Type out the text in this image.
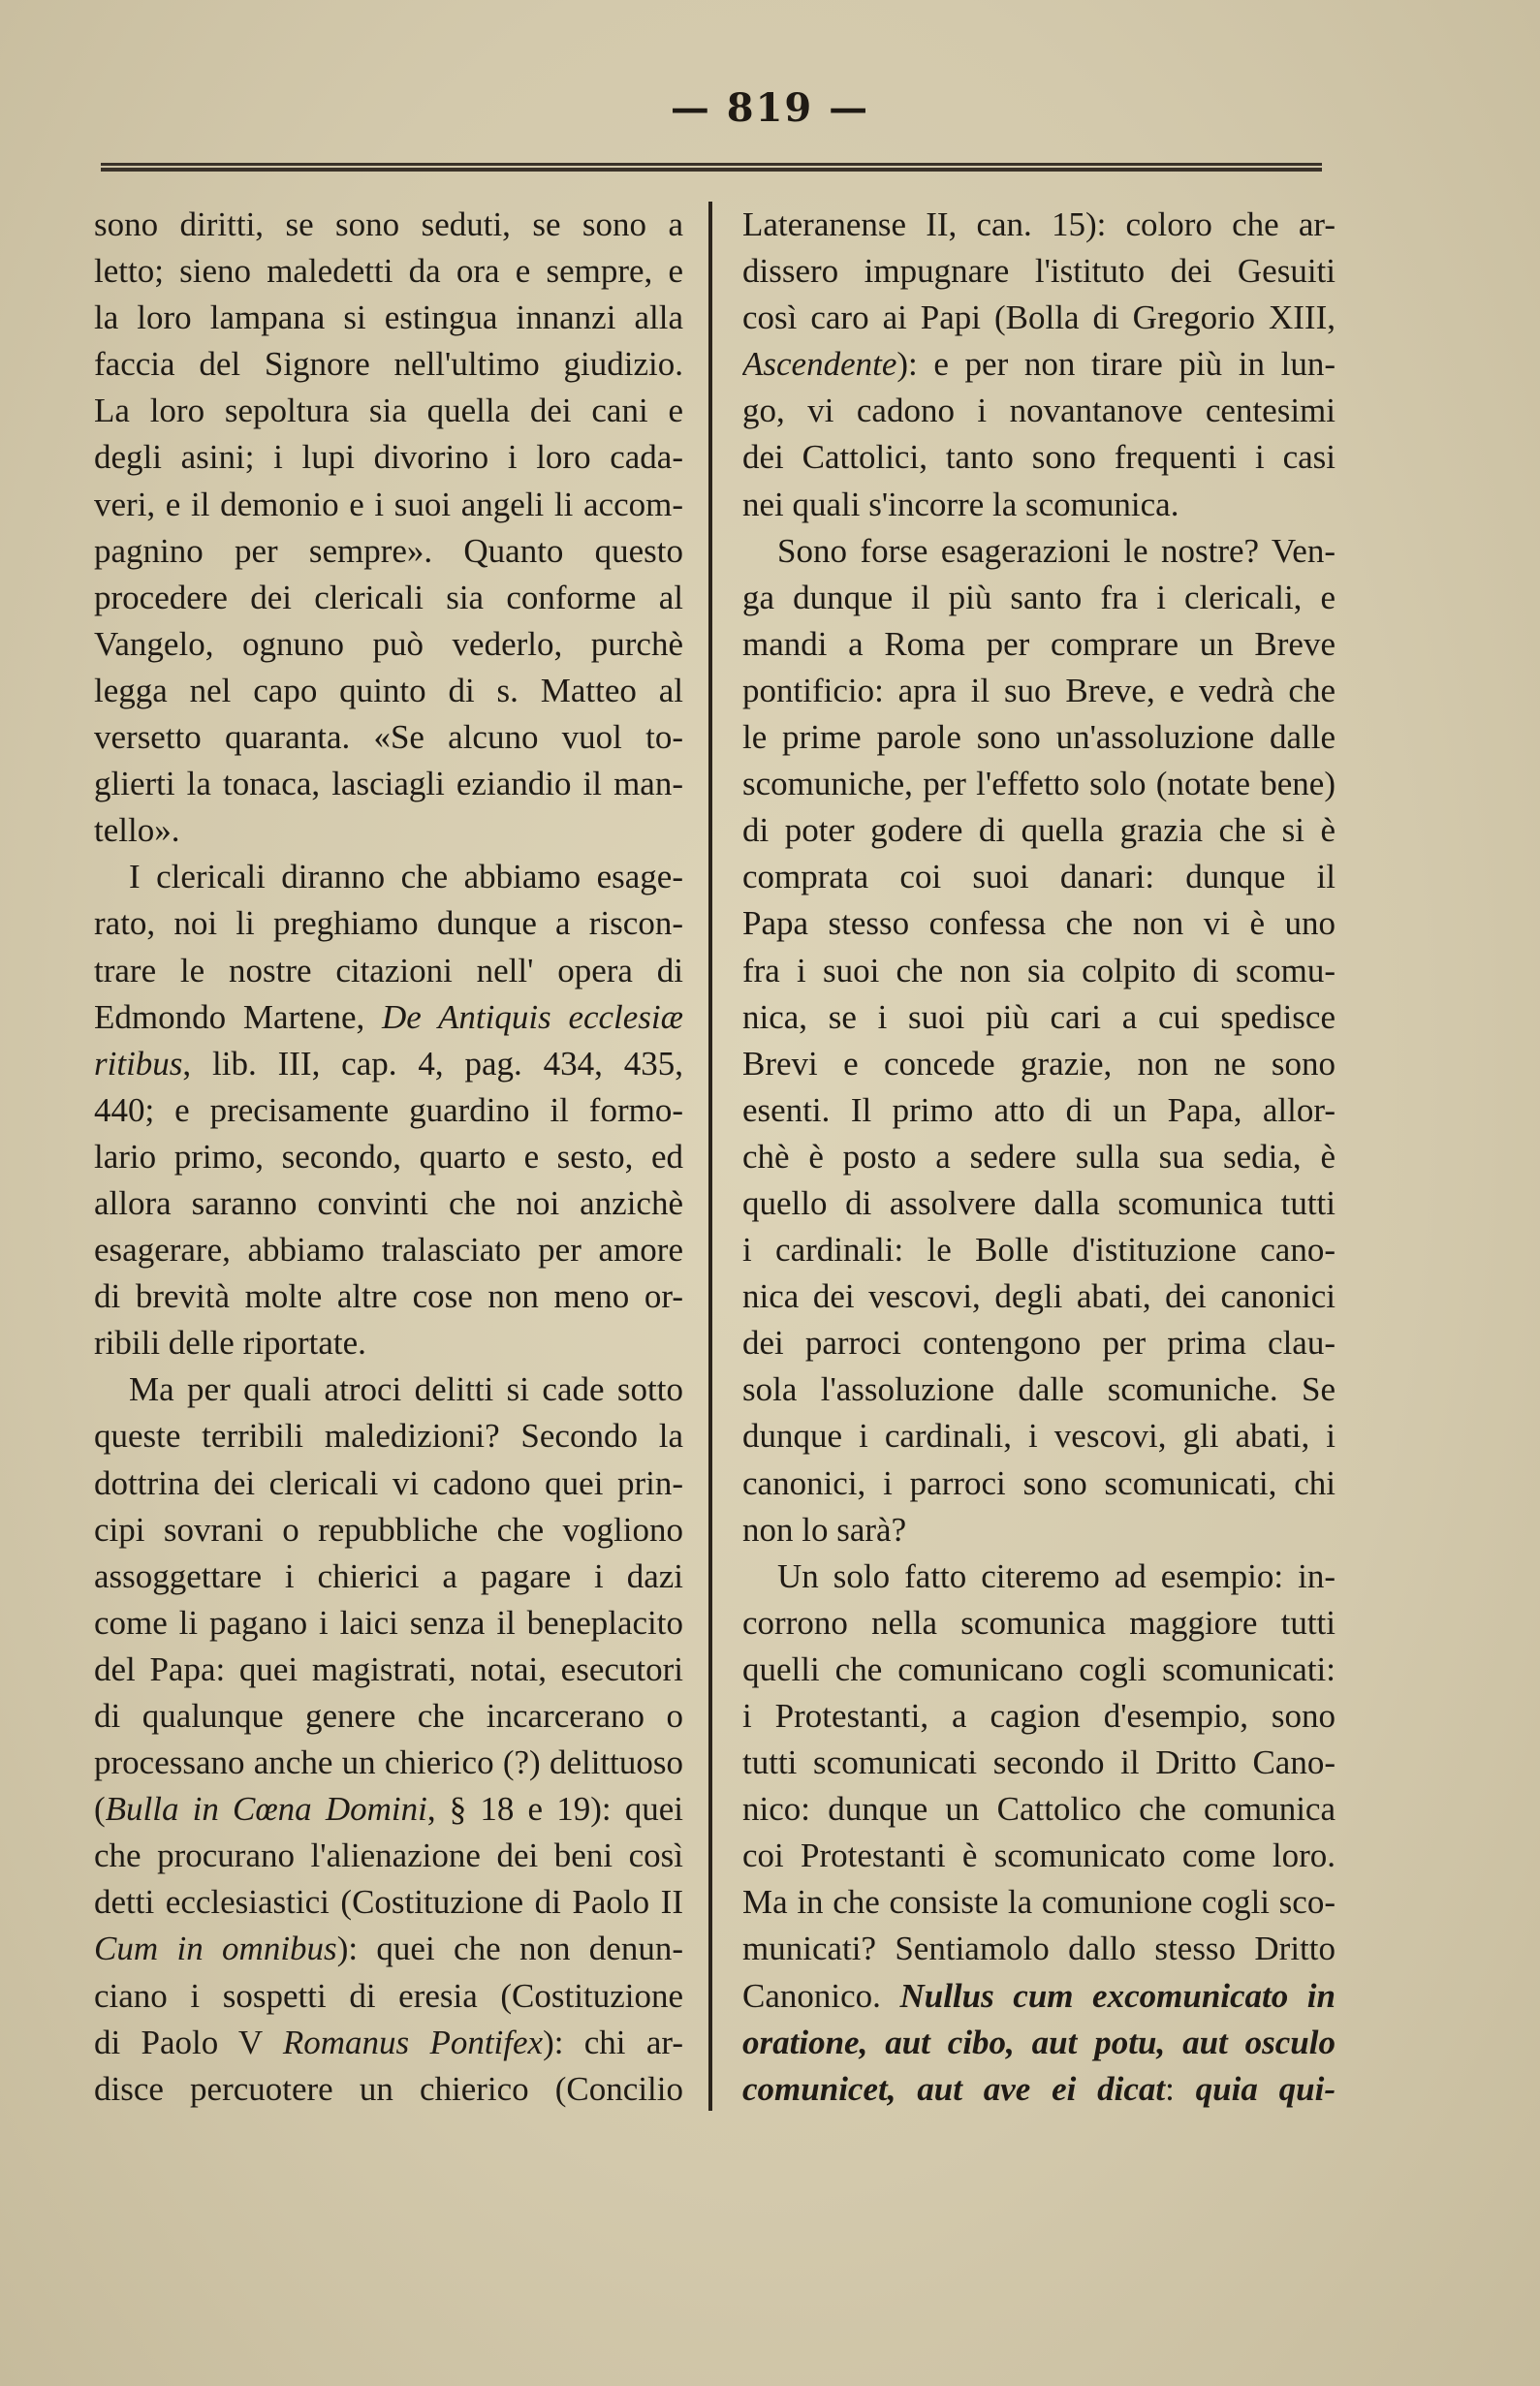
— 819 —
sono diritti, se sono seduti, se sono a
letto; sieno maledetti da ora e sempre, e
la loro lampana si estingua innanzi alla
faccia del Signore nell'ultimo giudizio.
La loro sepoltura sia quella dei cani e
degli asini; i lupi divorino i loro cada-
veri, e il demonio e i suoi angeli li accom-
pagnino per sempre». Quanto questo
procedere dei clericali sia conforme al
Vangelo, ognuno può vederlo, purchè
legga nel capo quinto di s. Matteo al
versetto quaranta. «Se alcuno vuol to-
glierti la tonaca, lasciagli eziandio il man-
tello».
I clericali diranno che abbiamo esage-
rato, noi li preghiamo dunque a riscon-
trare le nostre citazioni nell' opera di
Edmondo Martene, De Antiquis ecclesiæ
ritibus, lib. III, cap. 4, pag. 434, 435,
440; e precisamente guardino il formo-
lario primo, secondo, quarto e sesto, ed
allora saranno convinti che noi anzichè
esagerare, abbiamo tralasciato per amore
di brevità molte altre cose non meno or-
ribili delle riportate.
Ma per quali atroci delitti si cade sotto
queste terribili maledizioni? Secondo la
dottrina dei clericali vi cadono quei prin-
cipi sovrani o repubbliche che vogliono
assoggettare i chierici a pagare i dazi
come li pagano i laici senza il beneplacito
del Papa: quei magistrati, notai, esecutori
di qualunque genere che incarcerano o
processano anche un chierico (?) delittuoso
(Bulla in Cœna Domini, § 18 e 19): quei
che procurano l'alienazione dei beni così
detti ecclesiastici (Costituzione di Paolo II
Cum in omnibus): quei che non denun-
ciano i sospetti di eresia (Costituzione
di Paolo V Romanus Pontifex): chi ar-
disce percuotere un chierico (Concilio
Lateranense II, can. 15): coloro che ar-
dissero impugnare l'istituto dei Gesuiti
così caro ai Papi (Bolla di Gregorio XIII,
Ascendente): e per non tirare più in lun-
go, vi cadono i novantanove centesimi
dei Cattolici, tanto sono frequenti i casi
nei quali s'incorre la scomunica.
Sono forse esagerazioni le nostre? Ven-
ga dunque il più santo fra i clericali, e
mandi a Roma per comprare un Breve
pontificio: apra il suo Breve, e vedrà che
le prime parole sono un'assoluzione dalle
scomuniche, per l'effetto solo (notate bene)
di poter godere di quella grazia che si è
comprata coi suoi danari: dunque il
Papa stesso confessa che non vi è uno
fra i suoi che non sia colpito di scomu-
nica, se i suoi più cari a cui spedisce
Brevi e concede grazie, non ne sono
esenti. Il primo atto di un Papa, allor-
chè è posto a sedere sulla sua sedia, è
quello di assolvere dalla scomunica tutti
i cardinali: le Bolle d'istituzione cano-
nica dei vescovi, degli abati, dei canonici
dei parroci contengono per prima clau-
sola l'assoluzione dalle scomuniche. Se
dunque i cardinali, i vescovi, gli abati, i
canonici, i parroci sono scomunicati, chi
non lo sarà?
Un solo fatto citeremo ad esempio: in-
corrono nella scomunica maggiore tutti
quelli che comunicano cogli scomunicati:
i Protestanti, a cagion d'esempio, sono
tutti scomunicati secondo il Dritto Cano-
nico: dunque un Cattolico che comunica
coi Protestanti è scomunicato come loro.
Ma in che consiste la comunione cogli sco-
municati? Sentiamolo dallo stesso Dritto
Canonico. Nullus cum excomunicato in
oratione, aut cibo, aut potu, aut osculo
comunicet, aut ave ei dicat: quia qui-
